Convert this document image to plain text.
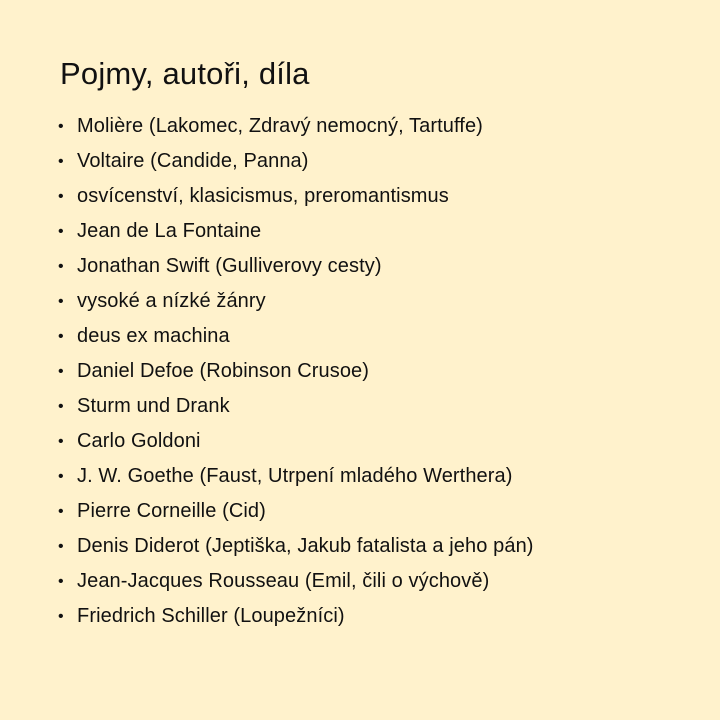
Pojmy, autoři, díla
• Molière (Lakomec, Zdravý nemocný, Tartuffe)
• Voltaire (Candide, Panna)
• osvícenství, klasicismus, preromantismus
• Jean de La Fontaine
• Jonathan Swift (Gulliverovy cesty)
• vysoké a nízké žánry
• deus ex machina
• Daniel Defoe (Robinson Crusoe)
• Sturm und Drank
• Carlo Goldoni
• J. W. Goethe (Faust, Utrpení mladého Werthera)
• Pierre Corneille (Cid)
• Denis Diderot (Jeptiška, Jakub fatalista a jeho pán)
• Jean-Jacques Rousseau (Emil, čili o výchově)
• Friedrich Schiller (Loupežníci)
